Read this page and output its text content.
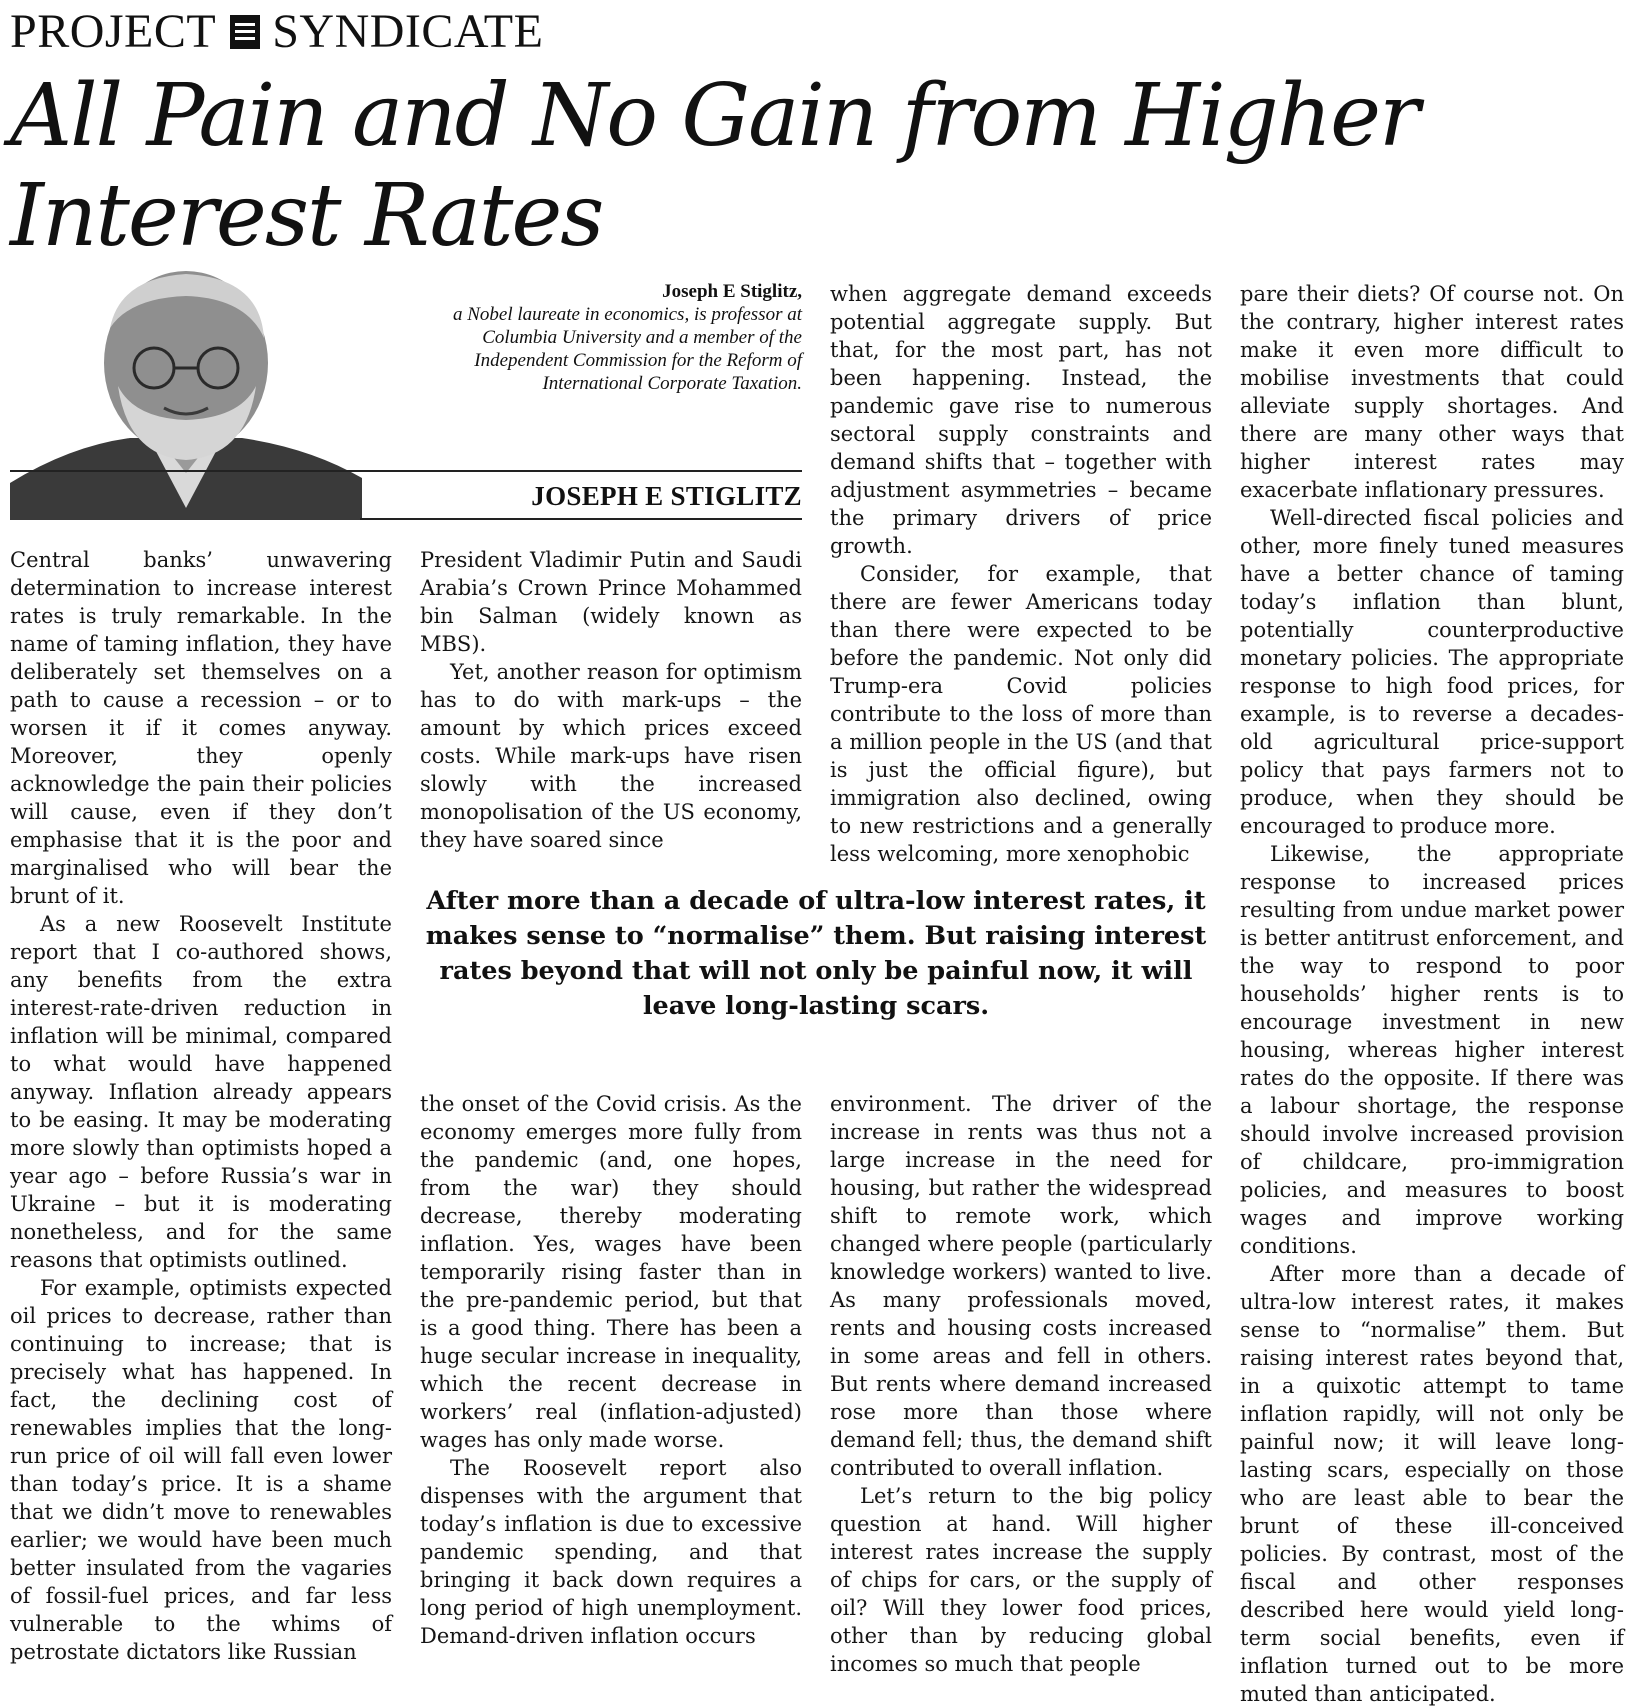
PROJECT SYNDICATE
All Pain and No Gain from Higher Interest Rates
Joseph E Stiglitz,
a Nobel laureate in economics, is professor at Columbia University and a member of the Independent Commission for the Reform of International Corporate Taxation.
JOSEPH E STIGLITZ

Central banks’ unwavering determination to increase interest rates is truly remarkable. In the name of taming inflation, they have deliberately set themselves on a path to cause a recession – or to worsen it if it comes anyway. Moreover, they openly acknowledge the pain their policies will cause, even if they don’t emphasise that it is the poor and marginalised who will bear the brunt of it.

As a new Roosevelt Institute report that I co-authored shows, any benefits from the extra interest-rate-driven reduction in inflation will be minimal, compared to what would have happened anyway. Inflation already appears to be easing. It may be moderating more slowly than optimists hoped a year ago – before Russia’s war in Ukraine – but it is moderating nonetheless, and for the same reasons that optimists outlined.

For example, optimists expected oil prices to decrease, rather than continuing to increase; that is precisely what has happened. In fact, the declining cost of renewables implies that the long-run price of oil will fall even lower than today’s price. It is a shame that we didn’t move to renewables earlier; we would have been much better insulated from the vagaries of fossil-fuel prices, and far less vulnerable to the whims of petrostate dictators like Russian

President Vladimir Putin and Saudi Arabia’s Crown Prince Mohammed bin Salman (widely known as MBS).

Yet, another reason for optimism has to do with mark-ups – the amount by which prices exceed costs. While mark-ups have risen slowly with the increased monopolisation of the US economy, they have soared since

when aggregate demand exceeds potential aggregate supply. But that, for the most part, has not been happening. Instead, the pandemic gave rise to numerous sectoral supply constraints and demand shifts that – together with adjustment asymmetries – became the primary drivers of price growth.

Consider, for example, that there are fewer Americans today than there were expected to be before the pandemic. Not only did Trump-era Covid policies contribute to the loss of more than a million people in the US (and that is just the official figure), but immigration also declined, owing to new restrictions and a generally less welcoming, more xenophobic

After more than a decade of ultra-low interest rates, it makes sense to “normalise” them. But raising interest rates beyond that will not only be painful now, it will leave long-lasting scars.

the onset of the Covid crisis. As the economy emerges more fully from the pandemic (and, one hopes, from the war) they should decrease, thereby moderating inflation. Yes, wages have been temporarily rising faster than in the pre-pandemic period, but that is a good thing. There has been a huge secular increase in inequality, which the recent decrease in workers’ real (inflation-adjusted) wages has only made worse.

The Roosevelt report also dispenses with the argument that today’s inflation is due to excessive pandemic spending, and that bringing it back down requires a long period of high unemployment. Demand-driven inflation occurs

environment. The driver of the increase in rents was thus not a large increase in the need for housing, but rather the widespread shift to remote work, which changed where people (particularly knowledge workers) wanted to live. As many professionals moved, rents and housing costs increased in some areas and fell in others. But rents where demand increased rose more than those where demand fell; thus, the demand shift contributed to overall inflation.

Let’s return to the big policy question at hand. Will higher interest rates increase the supply of chips for cars, or the supply of oil? Will they lower food prices, other than by reducing global incomes so much that people

pare their diets? Of course not. On the contrary, higher interest rates make it even more difficult to mobilise investments that could alleviate supply shortages. And there are many other ways that higher interest rates may exacerbate inflationary pressures.

Well-directed fiscal policies and other, more finely tuned measures have a better chance of taming today’s inflation than blunt, potentially counterproductive monetary policies. The appropriate response to high food prices, for example, is to reverse a decades-old agricultural price-support policy that pays farmers not to produce, when they should be encouraged to produce more.

Likewise, the appropriate response to increased prices resulting from undue market power is better antitrust enforcement, and the way to respond to poor households’ higher rents is to encourage investment in new housing, whereas higher interest rates do the opposite. If there was a labour shortage, the response should involve increased provision of childcare, pro-immigration policies, and measures to boost wages and improve working conditions.

After more than a decade of ultra-low interest rates, it makes sense to “normalise” them. But raising interest rates beyond that, in a quixotic attempt to tame inflation rapidly, will not only be painful now; it will leave long-lasting scars, especially on those who are least able to bear the brunt of these ill-conceived policies. By contrast, most of the fiscal and other responses described here would yield long-term social benefits, even if inflation turned out to be more muted than anticipated.
